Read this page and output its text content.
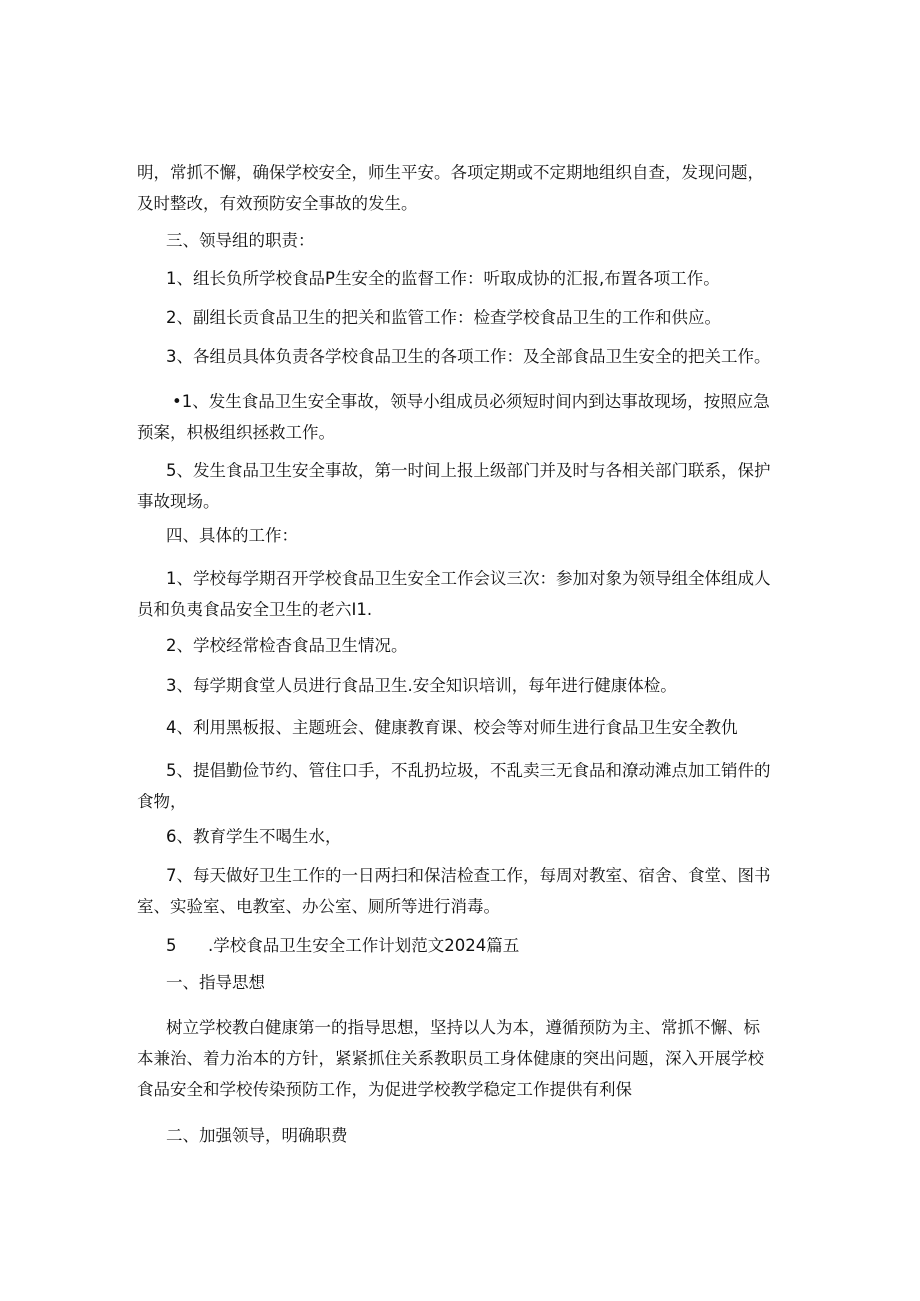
明，常抓不懈，确保学校安全，师生平安。各项定期或不定期地组织自查，发现问题，
及时整改，有效预防安全事故的发生。

三、领导组的职责：

1、组长负所学校食品P生安全的监督工作：听取成协的汇报,布置各项工作。

2、副组长贡食品卫生的把关和监管工作：检查学校食品卫生的工作和供应。

3、各组员具体负责各学校食品卫生的各项工作：及全部食品卫生安全的把关工作。

•1、发生食品卫生安全事故，领导小组成员必须短时间内到达事故现场，按照应急

预案，枳极组织拯救工作。

5、发生食品卫生安全事故，第一时间上报上级部门并及时与各相关部门联系，保护

事故现场。

四、具体的工作：

1、学校每学期召开学校食品卫生安全工作会议三次：参加对象为领导组全体组成人

员和负夷食品安全卫生的老六I1.

2、学校经常检杳食品卫生情况。

3、每学期食堂人员进行食品卫生.安全知识培训，每年进行健康体检。

4、利用黑板报、主题班会、健康教育课、校会等对师生进行食品卫生安全教仇

5、提倡勤俭节约、管住口手，不乱扔垃圾，不乱卖三无食品和潦动滩点加工销件的

食物，

6、教育学生不喝生水，

7、每天做好卫生工作的一日两扫和保洁检查工作，每周对教室、宿舍、食堂、图书

室、实验室、电教室、办公室、厕所等进行消毒。

5      .学校食品卫生安全工作计划范文2024篇五

一、指导思想

树立学校教白健康第一的指导思想，坚持以人为本，遵循预防为主、常抓不懈、标

本兼治、着力治本的方针，紧紧抓住关系教职员工身体健康的突出问题，深入开展学校
食品安全和学校传染预防工作，为促进学校教学稳定工作提供有利保

二、加强领导，明确职费
